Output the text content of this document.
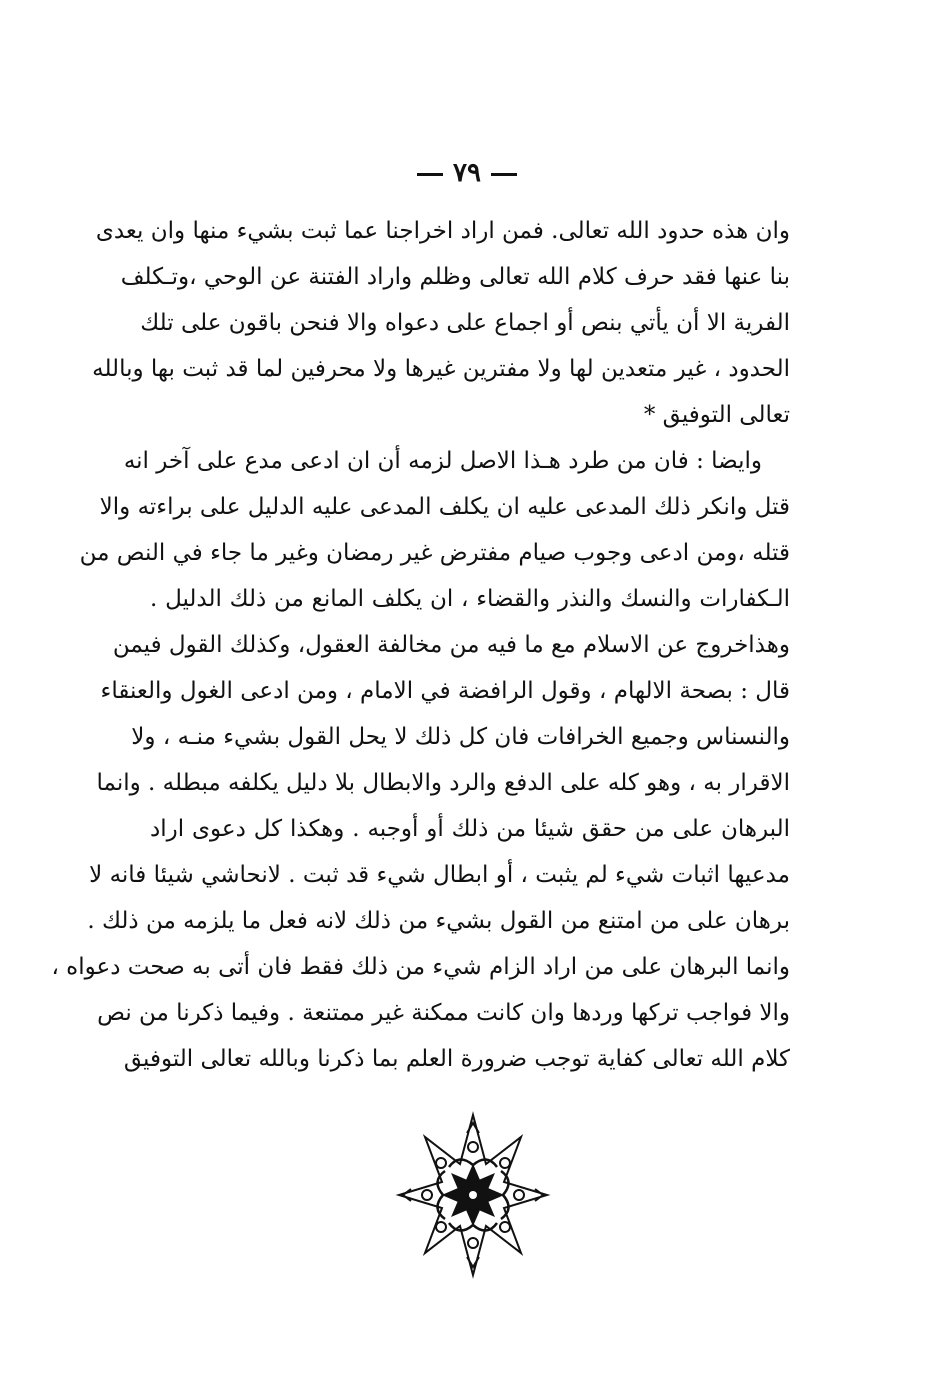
٧٩
وان هذه حدود الله تعالى. فمن اراد اخراجنا عما ثبت بشيء منها وان يعدى
بنا عنها فقد حرف كلام الله تعالى وظلم واراد الفتنة عن الوحي ،وتـكلف
الفرية الا أن يأتي بنص أو اجماع على دعواه والا فنحن باقون على تلك
الحدود ، غير متعدين لها ولا مفترين غيرها ولا محرفين لما قد ثبت بها وبالله
تعالى التوفيق *
وايضا : فان من طرد هـذا الاصل لزمه أن ان ادعى مدع على آخر انه
قتل وانكر ذلك المدعى عليه ان يكلف المدعى عليه الدليل على براءته والا
قتله ،ومن ادعى وجوب صيام مفترض غير رمضان وغير ما جاء في النص من
الـكفارات والنسك والنذر والقضاء ، ان يكلف المانع من ذلك الدليل .
وهذاخروج عن الاسلام مع ما فيه من مخالفة العقول، وكذلك القول فيمن
قال : بصحة الالهام ، وقول الرافضة في الامام ، ومن ادعى الغول والعنقاء
والنسناس وجميع الخرافات فان كل ذلك لا يحل القول بشيء منـه ، ولا
الاقرار به ، وهو كله على الدفع والرد والابطال بلا دليل يكلفه مبطله . وانما
البرهان على من حقق شيئا من ذلك أو أوجبه . وهكذا كل دعوى اراد
مدعيها اثبات شيء لم يثبت ، أو ابطال شيء قد ثبت . لانحاشي شيئا فانه لا
برهان على من امتنع من القول بشيء من ذلك لانه فعل ما يلزمه من ذلك .
وانما البرهان على من اراد الزام شيء من ذلك فقط فان أتى به صحت دعواه ،
والا فواجب تركها وردها وان كانت ممكنة غير ممتنعة . وفيما ذكرنا من نص
كلام الله تعالى كفاية توجب ضرورة العلم بما ذكرنا وبالله تعالى التوفيق
